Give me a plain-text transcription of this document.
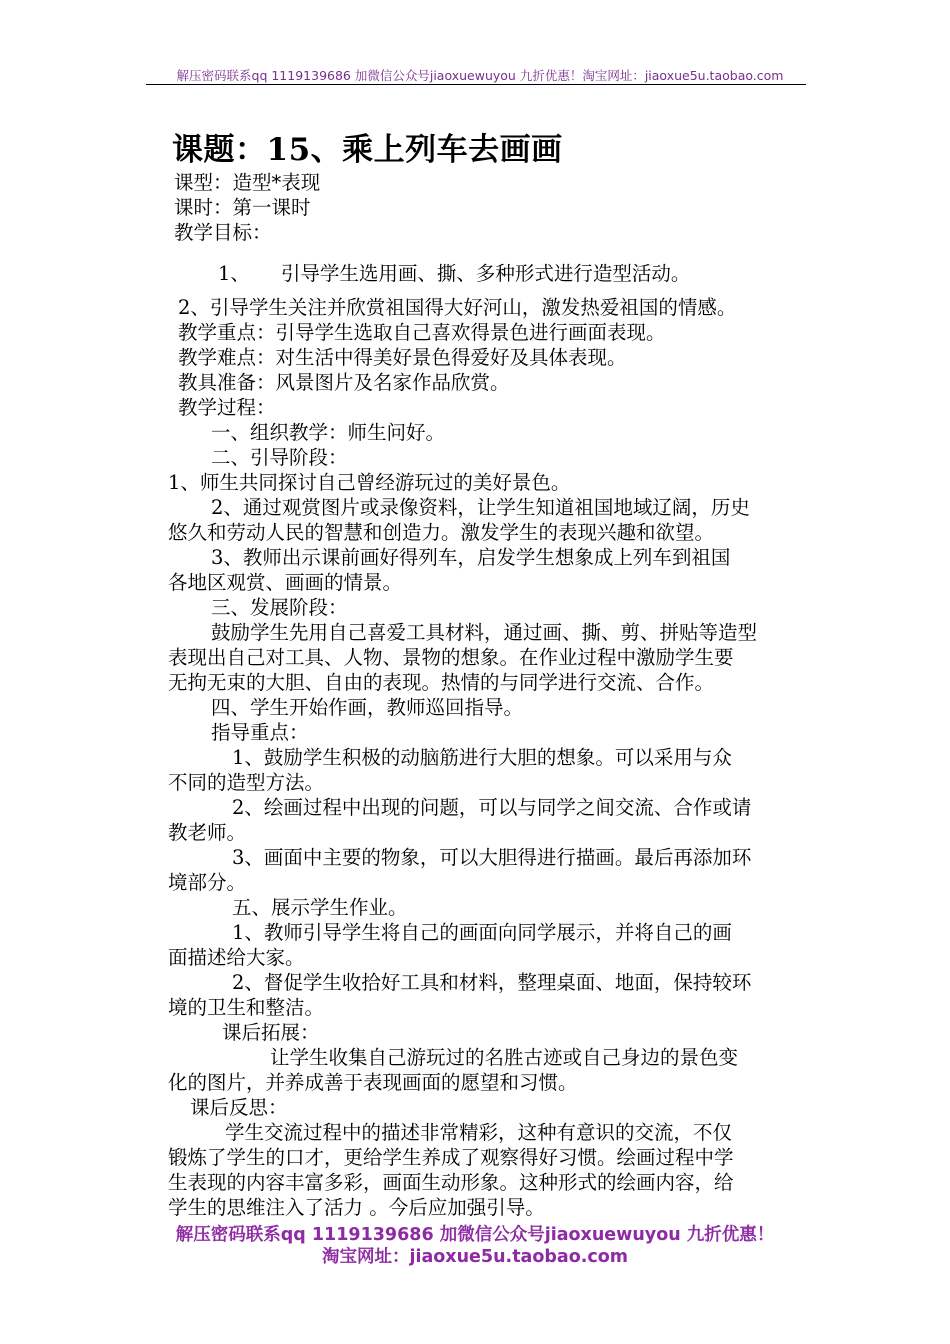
解压密码联系qq 1119139686 加微信公众号jiaoxuewuyou 九折优惠！淘宝网址：jiaoxue5u.taobao.com
课题：15、乘上列车去画画
课型：造型*表现
课时：第一课时
教学目标：
1、     引导学生选用画、撕、多种形式进行造型活动。
2、引导学生关注并欣赏祖国得大好河山，激发热爱祖国的情感。
教学重点：引导学生选取自己喜欢得景色进行画面表现。
教学难点：对生活中得美好景色得爱好及具体表现。
教具准备：风景图片及名家作品欣赏。
教学过程：
一、组织教学：师生问好。
二、引导阶段：
1、师生共同探讨自己曾经游玩过的美好景色。
2、通过观赏图片或录像资料，让学生知道祖国地域辽阔，历史
悠久和劳动人民的智慧和创造力。激发学生的表现兴趣和欲望。
3、教师出示课前画好得列车，启发学生想象成上列车到祖国
各地区观赏、画画的情景。
三、发展阶段：
鼓励学生先用自己喜爱工具材料，通过画、撕、剪、拼贴等造型
表现出自己对工具、人物、景物的想象。在作业过程中激励学生要
无拘无束的大胆、自由的表现。热情的与同学进行交流、合作。
四、学生开始作画，教师巡回指导。
指导重点：
1、鼓励学生积极的动脑筋进行大胆的想象。可以采用与众
不同的造型方法。
2、绘画过程中出现的问题，可以与同学之间交流、合作或请
教老师。
3、画面中主要的物象，可以大胆得进行描画。最后再添加环
境部分。
五、展示学生作业。
1、教师引导学生将自己的画面向同学展示，并将自己的画
面描述给大家。
2、督促学生收拾好工具和材料，整理桌面、地面，保持较环
境的卫生和整洁。
课后拓展：
让学生收集自己游玩过的名胜古迹或自己身边的景色变
化的图片，并养成善于表现画面的愿望和习惯。
课后反思：
学生交流过程中的描述非常精彩，这种有意识的交流，不仅
锻炼了学生的口才，更给学生养成了观察得好习惯。绘画过程中学
生表现的内容丰富多彩，画面生动形象。这种形式的绘画内容，给
学生的思维注入了活力 。今后应加强引导。
解压密码联系qq 1119139686 加微信公众号jiaoxuewuyou 九折优惠！
淘宝网址：jiaoxue5u.taobao.com
